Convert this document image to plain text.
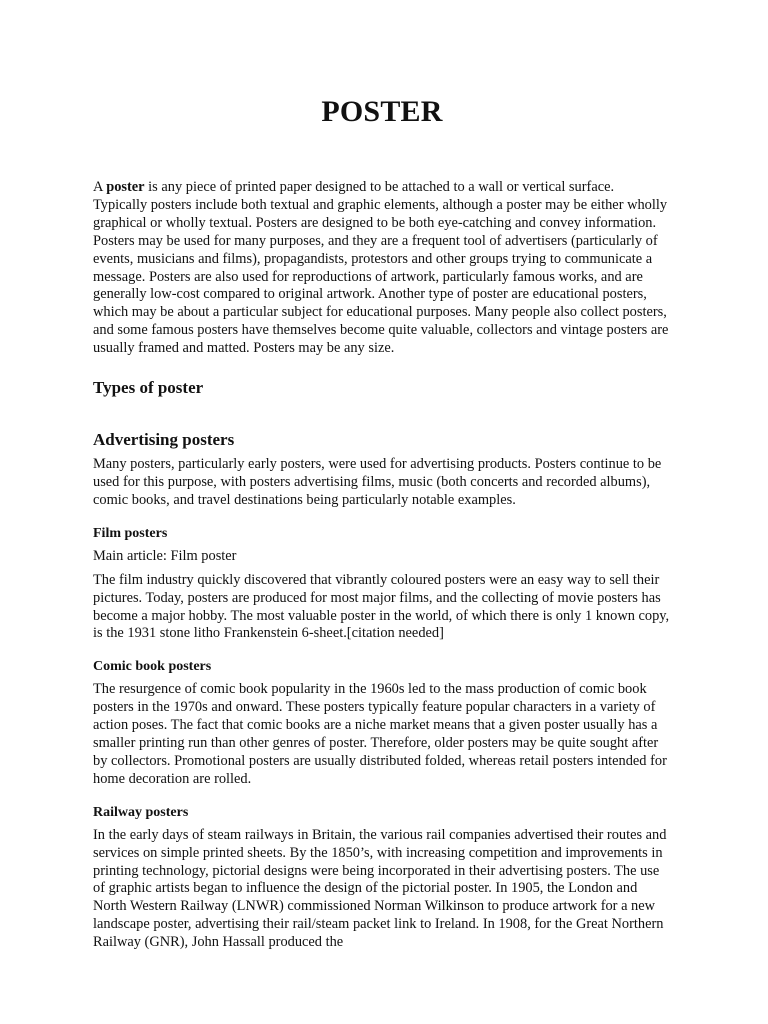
POSTER

A poster is any piece of printed paper designed to be attached to a wall or vertical surface. Typically posters include both textual and graphic elements, although a poster may be either wholly graphical or wholly textual. Posters are designed to be both eye-catching and convey information. Posters may be used for many purposes, and they are a frequent tool of advertisers (particularly of events, musicians and films), propagandists, protestors and other groups trying to communicate a message. Posters are also used for reproductions of artwork, particularly famous works, and are generally low-cost compared to original artwork. Another type of poster are educational posters, which may be about a particular subject for educational purposes. Many people also collect posters, and some famous posters have themselves become quite valuable, collectors and vintage posters are usually framed and matted. Posters may be any size.

Types of poster
Advertising posters

Many posters, particularly early posters, were used for advertising products. Posters continue to be used for this purpose, with posters advertising films, music (both concerts and recorded albums), comic books, and travel destinations being particularly notable examples.

Film posters

Main article: Film poster

The film industry quickly discovered that vibrantly coloured posters were an easy way to sell their pictures. Today, posters are produced for most major films, and the collecting of movie posters has become a major hobby. The most valuable poster in the world, of which there is only 1 known copy, is the 1931 stone litho Frankenstein 6-sheet.[citation needed]

Comic book posters

The resurgence of comic book popularity in the 1960s led to the mass production of comic book posters in the 1970s and onward. These posters typically feature popular characters in a variety of action poses. The fact that comic books are a niche market means that a given poster usually has a smaller printing run than other genres of poster. Therefore, older posters may be quite sought after by collectors. Promotional posters are usually distributed folded, whereas retail posters intended for home decoration are rolled.

Railway posters

In the early days of steam railways in Britain, the various rail companies advertised their routes and services on simple printed sheets. By the 1850’s, with increasing competition and improvements in printing technology, pictorial designs were being incorporated in their advertising posters. The use of graphic artists began to influence the design of the pictorial poster. In 1905, the London and North Western Railway (LNWR) commissioned Norman Wilkinson to produce artwork for a new landscape poster, advertising their rail/steam packet link to Ireland. In 1908, for the Great Northern Railway (GNR), John Hassall produced the
